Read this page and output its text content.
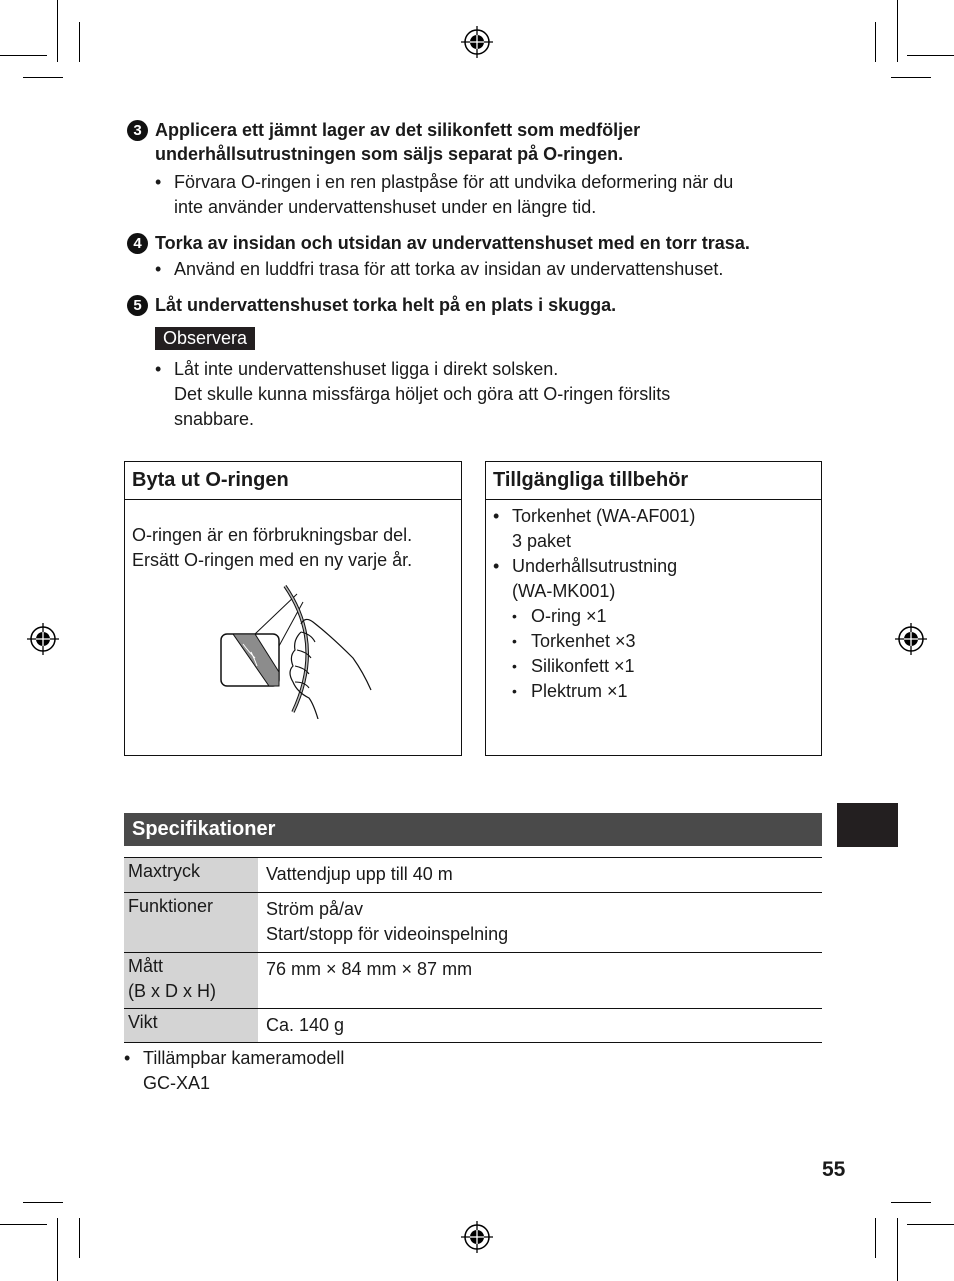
3 Applicera ett jämnt lager av det silikonfett som medföljer
underhållsutrustningen som säljs separat på O-ringen.
• Förvara O-ringen i en ren plastpåse för att undvika deformering när du
inte använder undervattenshuset under en längre tid.
4 Torka av insidan och utsidan av undervattenshuset med en torr trasa.
• Använd en luddfri trasa för att torka av insidan av undervattenshuset.
5 Låt undervattenshuset torka helt på en plats i skugga.
Observera
• Låt inte undervattenshuset ligga i direkt solsken.
Det skulle kunna missfärga höljet och göra att O-ringen förslits
snabbare.
Byta ut O-ringen
O-ringen är en förbrukningsbar del.
Ersätt O-ringen med en ny varje år.
Tillgängliga tillbehör
• Torkenhet (WA-AF001)
3 paket
• Underhållsutrustning
(WA-MK001)
• O-ring ×1
• Torkenhet ×3
• Silikonfett ×1
• Plektrum ×1
Specifikationer
Maxtryck	Vattendjup upp till 40 m

Funktioner	Ström på/av
Start/stopp för videoinspelning

Mått
(B x D x H)	76 mm × 84 mm × 87 mm

Vikt	Ca. 140 g
• Tillämpbar kameramodell
GC-XA1
55
